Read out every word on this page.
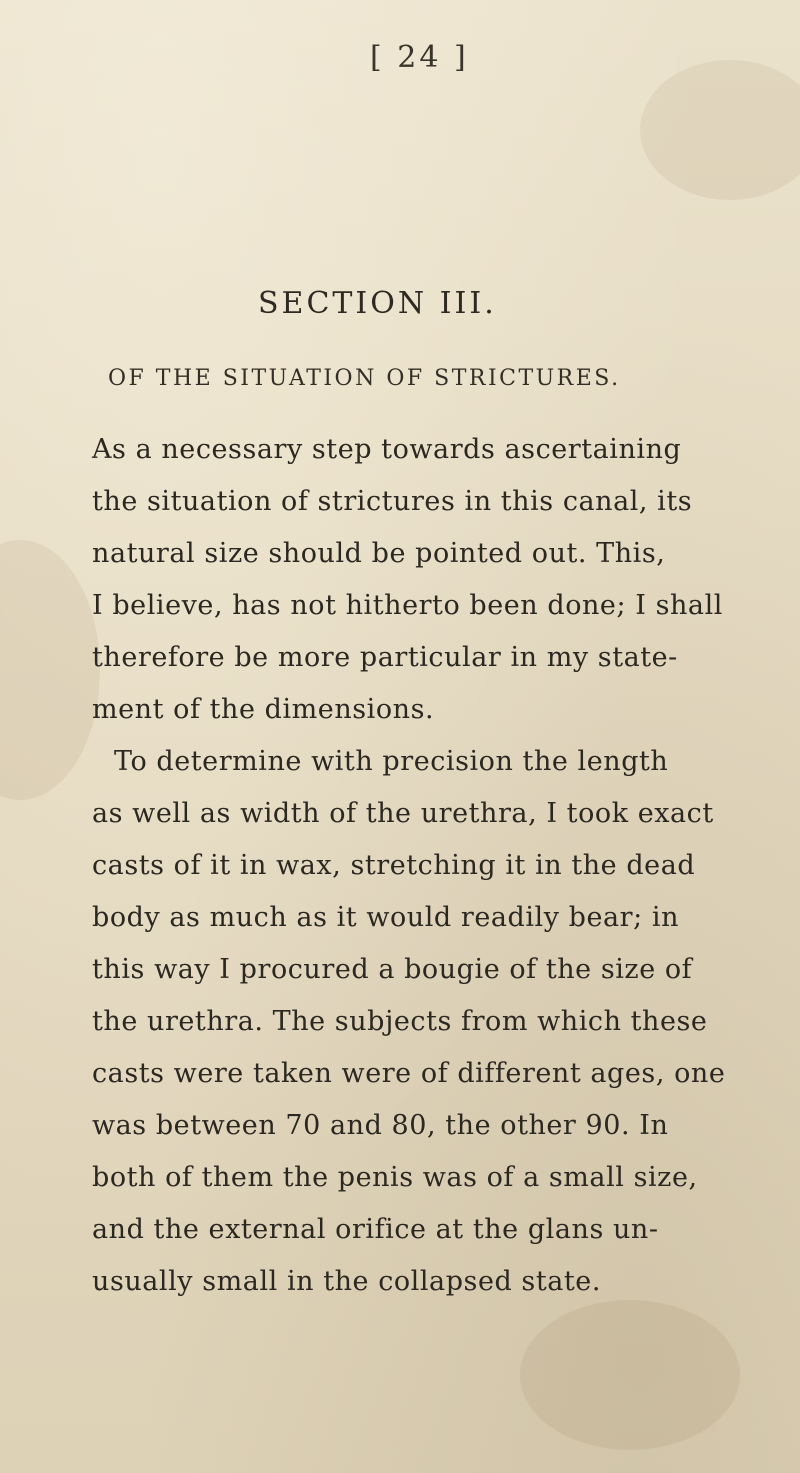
[ 24 ]
SECTION III.
OF THE SITUATION OF STRICTURES.
As a necessary step towards ascertaining
the situation of strictures in this canal, its
natural size should be pointed out. This,
I believe, has not hitherto been done; I shall
therefore be more particular in my state-
ment of the dimensions.
To determine with precision the length
as well as width of the urethra, I took exact
casts of it in wax, stretching it in the dead
body as much as it would readily bear; in
this way I procured a bougie of the size of
the urethra. The subjects from which these
casts were taken were of different ages, one
was between 70 and 80, the other 90. In
both of them the penis was of a small size,
and the external orifice at the glans un-
usually small in the collapsed state.
